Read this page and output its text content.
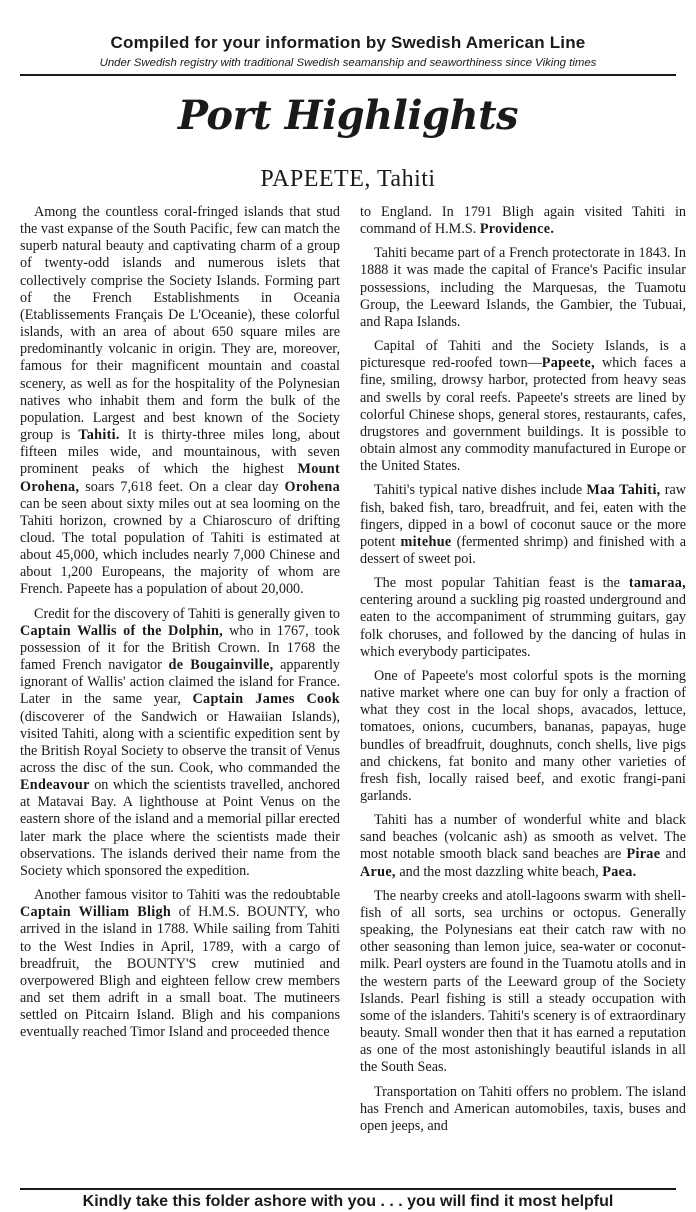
Compiled for your information by Swedish American Line

Under Swedish registry with traditional Swedish seamanship and seaworthiness since Viking times

Port Highlights
PAPEETE, Tahiti

Among the countless coral-fringed islands that stud the vast expanse of the South Pacific, few can match the superb natural beauty and captivating charm of a group of twenty-odd islands and numerous islets that collectively comprise the Society Islands. Forming part of the French Establishments in Oceania (Etablissements Français De L'Oceanie), these colorful islands, with an area of about 650 square miles are predominantly volcanic in origin. They are, moreover, famous for their magnificent mountain and coastal scenery, as well as for the hospitality of the Polynesian natives who inhabit them and form the bulk of the population. Largest and best known of the Society group is Tahiti. It is thirty-three miles long, about fifteen miles wide, and mountainous, with seven prominent peaks of which the highest Mount Orohena, soars 7,618 feet. On a clear day Orohena can be seen about sixty miles out at sea looming on the Tahiti horizon, crowned by a Chiaroscuro of drifting cloud. The total population of Tahiti is estimated at about 45,000, which includes nearly 7,000 Chinese and about 1,200 Europeans, the majority of whom are French. Papeete has a population of about 20,000.

Credit for the discovery of Tahiti is generally given to Captain Wallis of the Dolphin, who in 1767, took possession of it for the British Crown. In 1768 the famed French navigator de Bougainville, apparently ignorant of Wallis' action claimed the island for France. Later in the same year, Captain James Cook (discoverer of the Sandwich or Hawaiian Islands), visited Tahiti, along with a scientific expedition sent by the British Royal Society to observe the transit of Venus across the disc of the sun. Cook, who commanded the Endeavour on which the scientists travelled, anchored at Matavai Bay. A lighthouse at Point Venus on the eastern shore of the island and a memorial pillar erected later mark the place where the scientists made their observations. The islands derived their name from the Society which sponsored the expedition.

Another famous visitor to Tahiti was the redoubtable Captain William Bligh of H.M.S. BOUNTY, who arrived in the island in 1788. While sailing from Tahiti to the West Indies in April, 1789, with a cargo of breadfruit, the BOUNTY'S crew mutinied and overpowered Bligh and eighteen fellow crew members and set them adrift in a small boat. The mutineers settled on Pitcairn Island. Bligh and his companions eventually reached Timor Island and proceeded thence

to England. In 1791 Bligh again visited Tahiti in command of H.M.S. Providence.

Tahiti became part of a French protectorate in 1843. In 1888 it was made the capital of France's Pacific insular possessions, including the Marquesas, the Tuamotu Group, the Leeward Islands, the Gambier, the Tubuai, and Rapa Islands.

Capital of Tahiti and the Society Islands, is a picturesque red-roofed town—Papeete, which faces a fine, smiling, drowsy harbor, protected from heavy seas and swells by coral reefs. Papeete's streets are lined by colorful Chinese shops, general stores, restaurants, cafes, drugstores and government buildings. It is possible to obtain almost any commodity manufactured in Europe or the United States.

Tahiti's typical native dishes include Maa Tahiti, raw fish, baked fish, taro, breadfruit, and fei, eaten with the fingers, dipped in a bowl of coconut sauce or the more potent mitehue (fermented shrimp) and finished with a dessert of sweet poi.

The most popular Tahitian feast is the tamaraa, centering around a suckling pig roasted underground and eaten to the accompaniment of strumming guitars, gay folk choruses, and followed by the dancing of hulas in which everybody participates.

One of Papeete's most colorful spots is the morning native market where one can buy for only a fraction of what they cost in the local shops, avacados, lettuce, tomatoes, onions, cucumbers, bananas, papayas, huge bundles of breadfruit, doughnuts, conch shells, live pigs and chickens, fat bonito and many other varieties of fresh fish, locally raised beef, and exotic frangi-pani garlands.

Tahiti has a number of wonderful white and black sand beaches (volcanic ash) as smooth as velvet. The most notable smooth black sand beaches are Pirae and Arue, and the most dazzling white beach, Paea.

The nearby creeks and atoll-lagoons swarm with shell-fish of all sorts, sea urchins or octopus. Generally speaking, the Polynesians eat their catch raw with no other seasoning than lemon juice, sea-water or coconut-milk. Pearl oysters are found in the Tuamotu atolls and in the western parts of the Leeward group of the Society Islands. Pearl fishing is still a steady occupation with some of the islanders. Tahiti's scenery is of extraordinary beauty. Small wonder then that it has earned a reputation as one of the most astonishingly beautiful islands in all the South Seas.

Transportation on Tahiti offers no problem. The island has French and American automobiles, taxis, buses and open jeeps, and

Kindly take this folder ashore with you . . . you will find it most helpful
